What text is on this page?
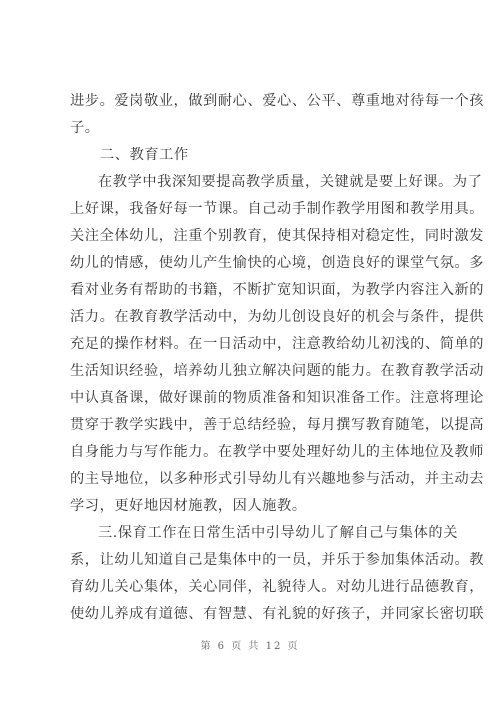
进步。爱岗敬业，做到耐心、爱心、公平、尊重地对待每一个孩
子。
二、教育工作
在教学中我深知要提高教学质量，关键就是要上好课。为了
上好课，我备好每一节课。自己动手制作教学用图和教学用具。
关注全体幼儿，注重个别教育，使其保持相对稳定性，同时激发
幼儿的情感，使幼儿产生愉快的心境，创造良好的课堂气氛。多
看对业务有帮助的书籍，不断扩宽知识面，为教学内容注入新的
活力。在教育教学活动中，为幼儿创设良好的机会与条件，提供
充足的操作材料。在一日活动中，注意教给幼儿初浅的、简单的
生活知识经验，培养幼儿独立解决问题的能力。在教育教学活动
中认真备课，做好课前的物质准备和知识准备工作。注意将理论
贯穿于教学实践中，善于总结经验，每月撰写教育随笔，以提高
自身能力与写作能力。在教学中要处理好幼儿的主体地位及教师
的主导地位，以多种形式引导幼儿有兴趣地参与活动，并主动去
学习，更好地因材施教，因人施教。
三.保育工作在日常生活中引导幼儿了解自己与集体的关
系，让幼儿知道自己是集体中的一员，并乐于参加集体活动。教
育幼儿关心集体，关心同伴，礼貌待人。对幼儿进行品德教育，
使幼儿养成有道德、有智慧、有礼貌的好孩子，并同家长密切联
第 6 页 共 12 页
